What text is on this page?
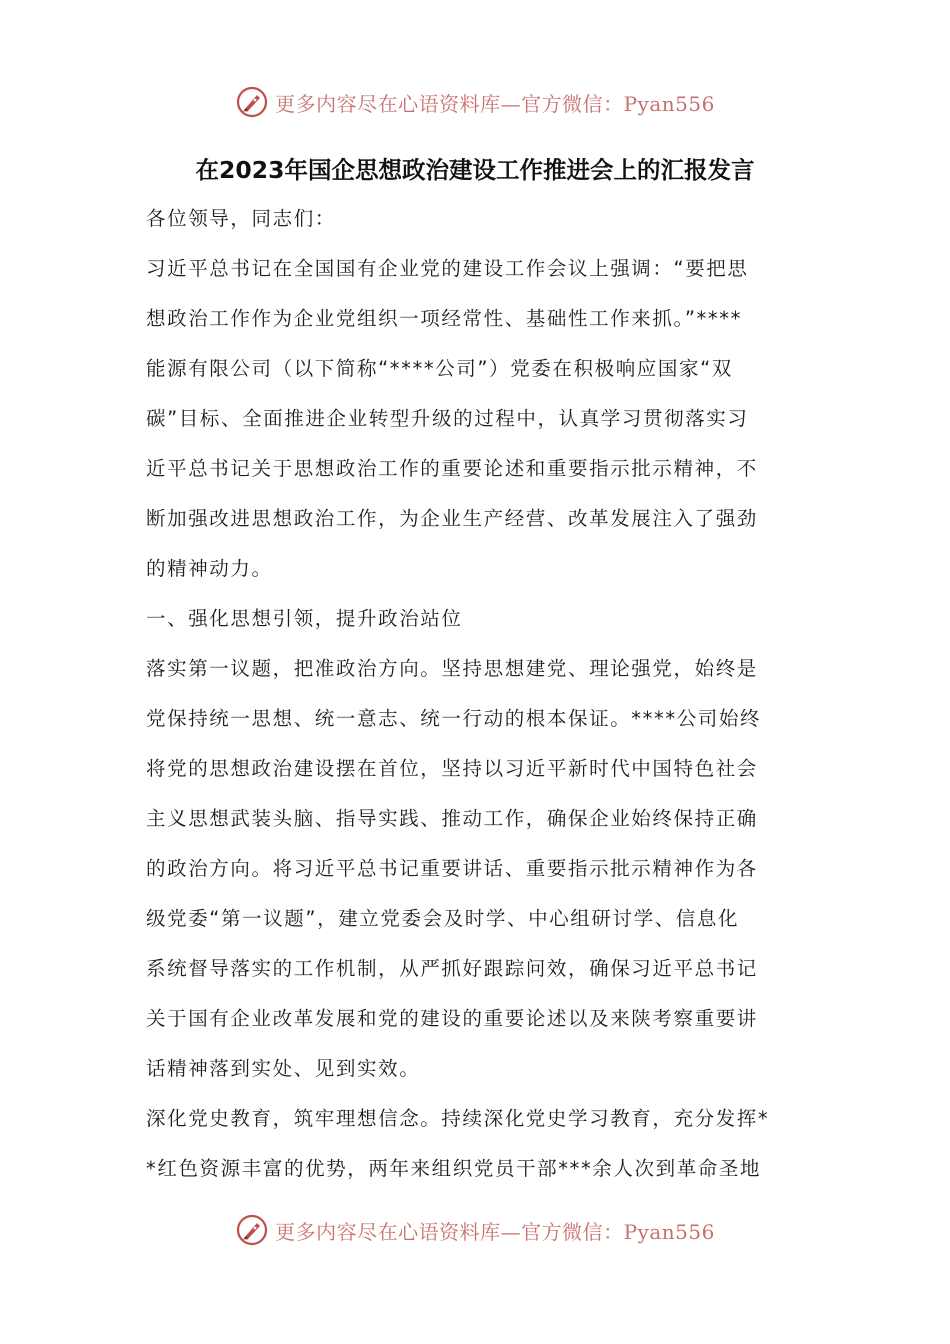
更多内容尽在心语资料库—官方微信：Pyan556
在2023年国企思想政治建设工作推进会上的汇报发言
各位领导，同志们：
习近平总书记在全国国有企业党的建设工作会议上强调：“要把思
想政治工作作为企业党组织一项经常性、基础性工作来抓。”****
能源有限公司（以下简称“****公司”）党委在积极响应国家“双
碳”目标、全面推进企业转型升级的过程中，认真学习贯彻落实习
近平总书记关于思想政治工作的重要论述和重要指示批示精神，不
断加强改进思想政治工作，为企业生产经营、改革发展注入了强劲
的精神动力。
一、强化思想引领，提升政治站位
落实第一议题，把准政治方向。坚持思想建党、理论强党，始终是
党保持统一思想、统一意志、统一行动的根本保证。****公司始终
将党的思想政治建设摆在首位，坚持以习近平新时代中国特色社会
主义思想武装头脑、指导实践、推动工作，确保企业始终保持正确
的政治方向。将习近平总书记重要讲话、重要指示批示精神作为各
级党委“第一议题”，建立党委会及时学、中心组研讨学、信息化
系统督导落实的工作机制，从严抓好跟踪问效，确保习近平总书记
关于国有企业改革发展和党的建设的重要论述以及来陕考察重要讲
话精神落到实处、见到实效。
深化党史教育，筑牢理想信念。持续深化党史学习教育，充分发挥*
*红色资源丰富的优势，两年来组织党员干部***余人次到革命圣地
更多内容尽在心语资料库—官方微信：Pyan556
